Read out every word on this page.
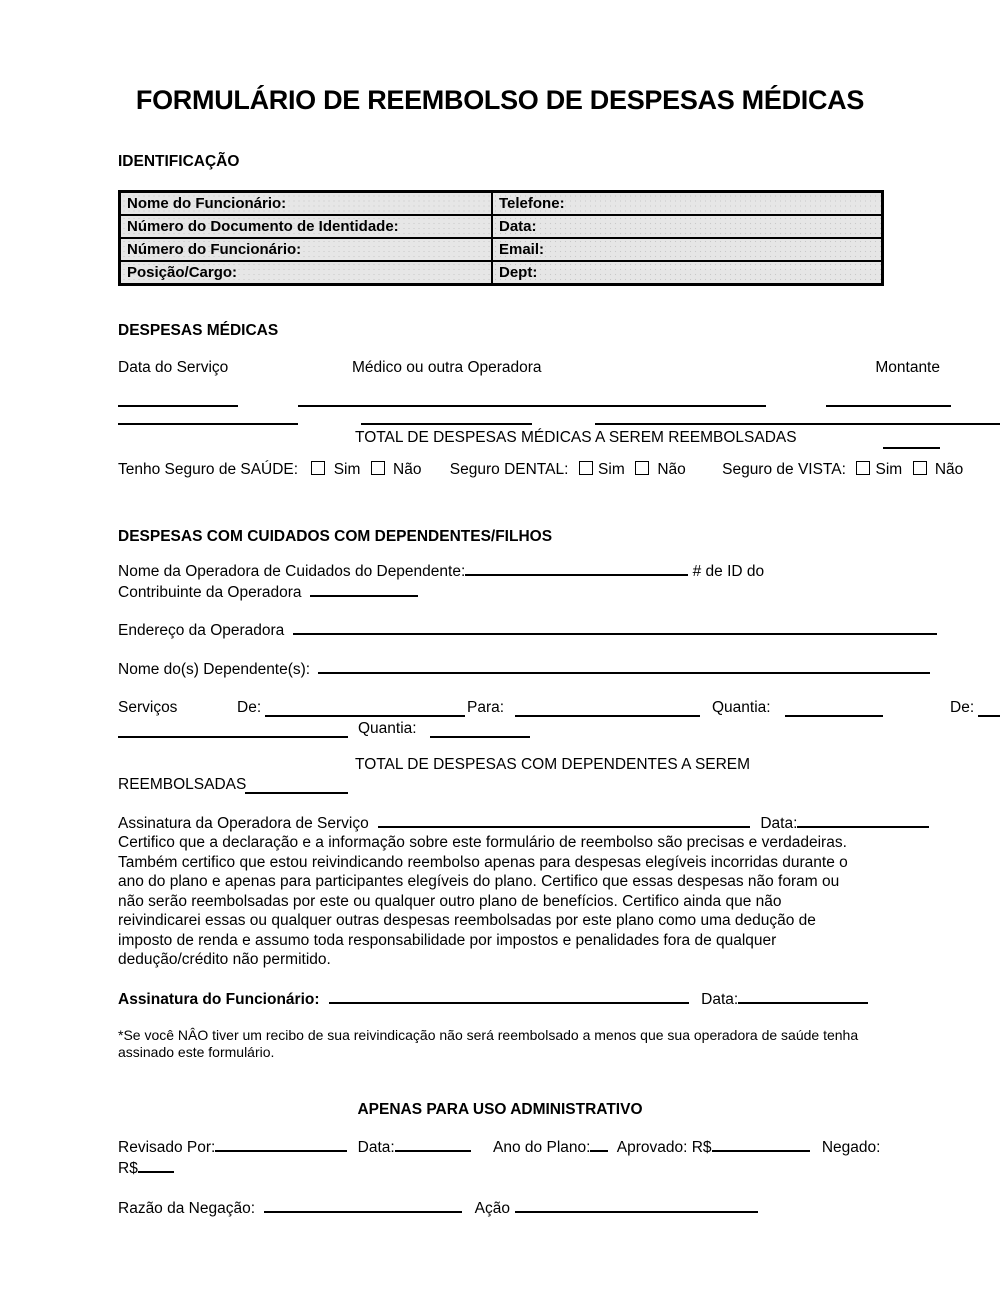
FORMULÁRIO DE REEMBOLSO DE DESPESAS MÉDICAS
IDENTIFICAÇÃO
Nome do Funcionário:	Telefone:
Número do Documento de Identidade:	Data:
Número do Funcionário:	Email:
Posição/Cargo:	Dept:
DESPESAS MÉDICAS
Data do Serviço	Médico ou outra Operadora	Montante
TOTAL DE DESPESAS MÉDICAS A SEREM REEMBOLSADAS
Tenho Seguro de SAÚDE: Sim Não Seguro DENTAL: Sim Não Seguro de VISTA: Sim Não
DESPESAS COM CUIDADOS COM DEPENDENTES/FILHOS
Nome da Operadora de Cuidados do Dependente:	# de ID do
Contribuinte da Operadora
Endereço da Operadora
Nome do(s) Dependente(s):
Serviços	De:	Para:	Quantia:	De:
Quantia:
TOTAL DE DESPESAS COM DEPENDENTES A SEREM
REEMBOLSADAS
Assinatura da Operadora de Serviço	Data:

Certifico que a declaração e a informação sobre este formulário de reembolso são precisas e verdadeiras. Também certifico que estou reivindicando reembolso apenas para despesas elegíveis incorridas durante o ano do plano e apenas para participantes elegíveis do plano. Certifico que essas despesas não foram ou não serão reembolsadas por este ou qualquer outro plano de benefícios. Certifico ainda que não reivindicarei essas ou qualquer outras despesas reembolsadas por este plano como uma dedução de imposto de renda e assumo toda responsabilidade por impostos e penalidades fora de qualquer dedução/crédito não permitido.

Assinatura do Funcionário:	Data:

*Se você NÂO tiver um recibo de sua reivindicação não será reembolsado a menos que sua operadora de saúde tenha assinado este formulário.

APENAS PARA USO ADMINISTRATIVO
Revisado Por:	Data:	Ano do Plano: Aprovado: R$	Negado:
R$
Razão da Negação:	Ação
